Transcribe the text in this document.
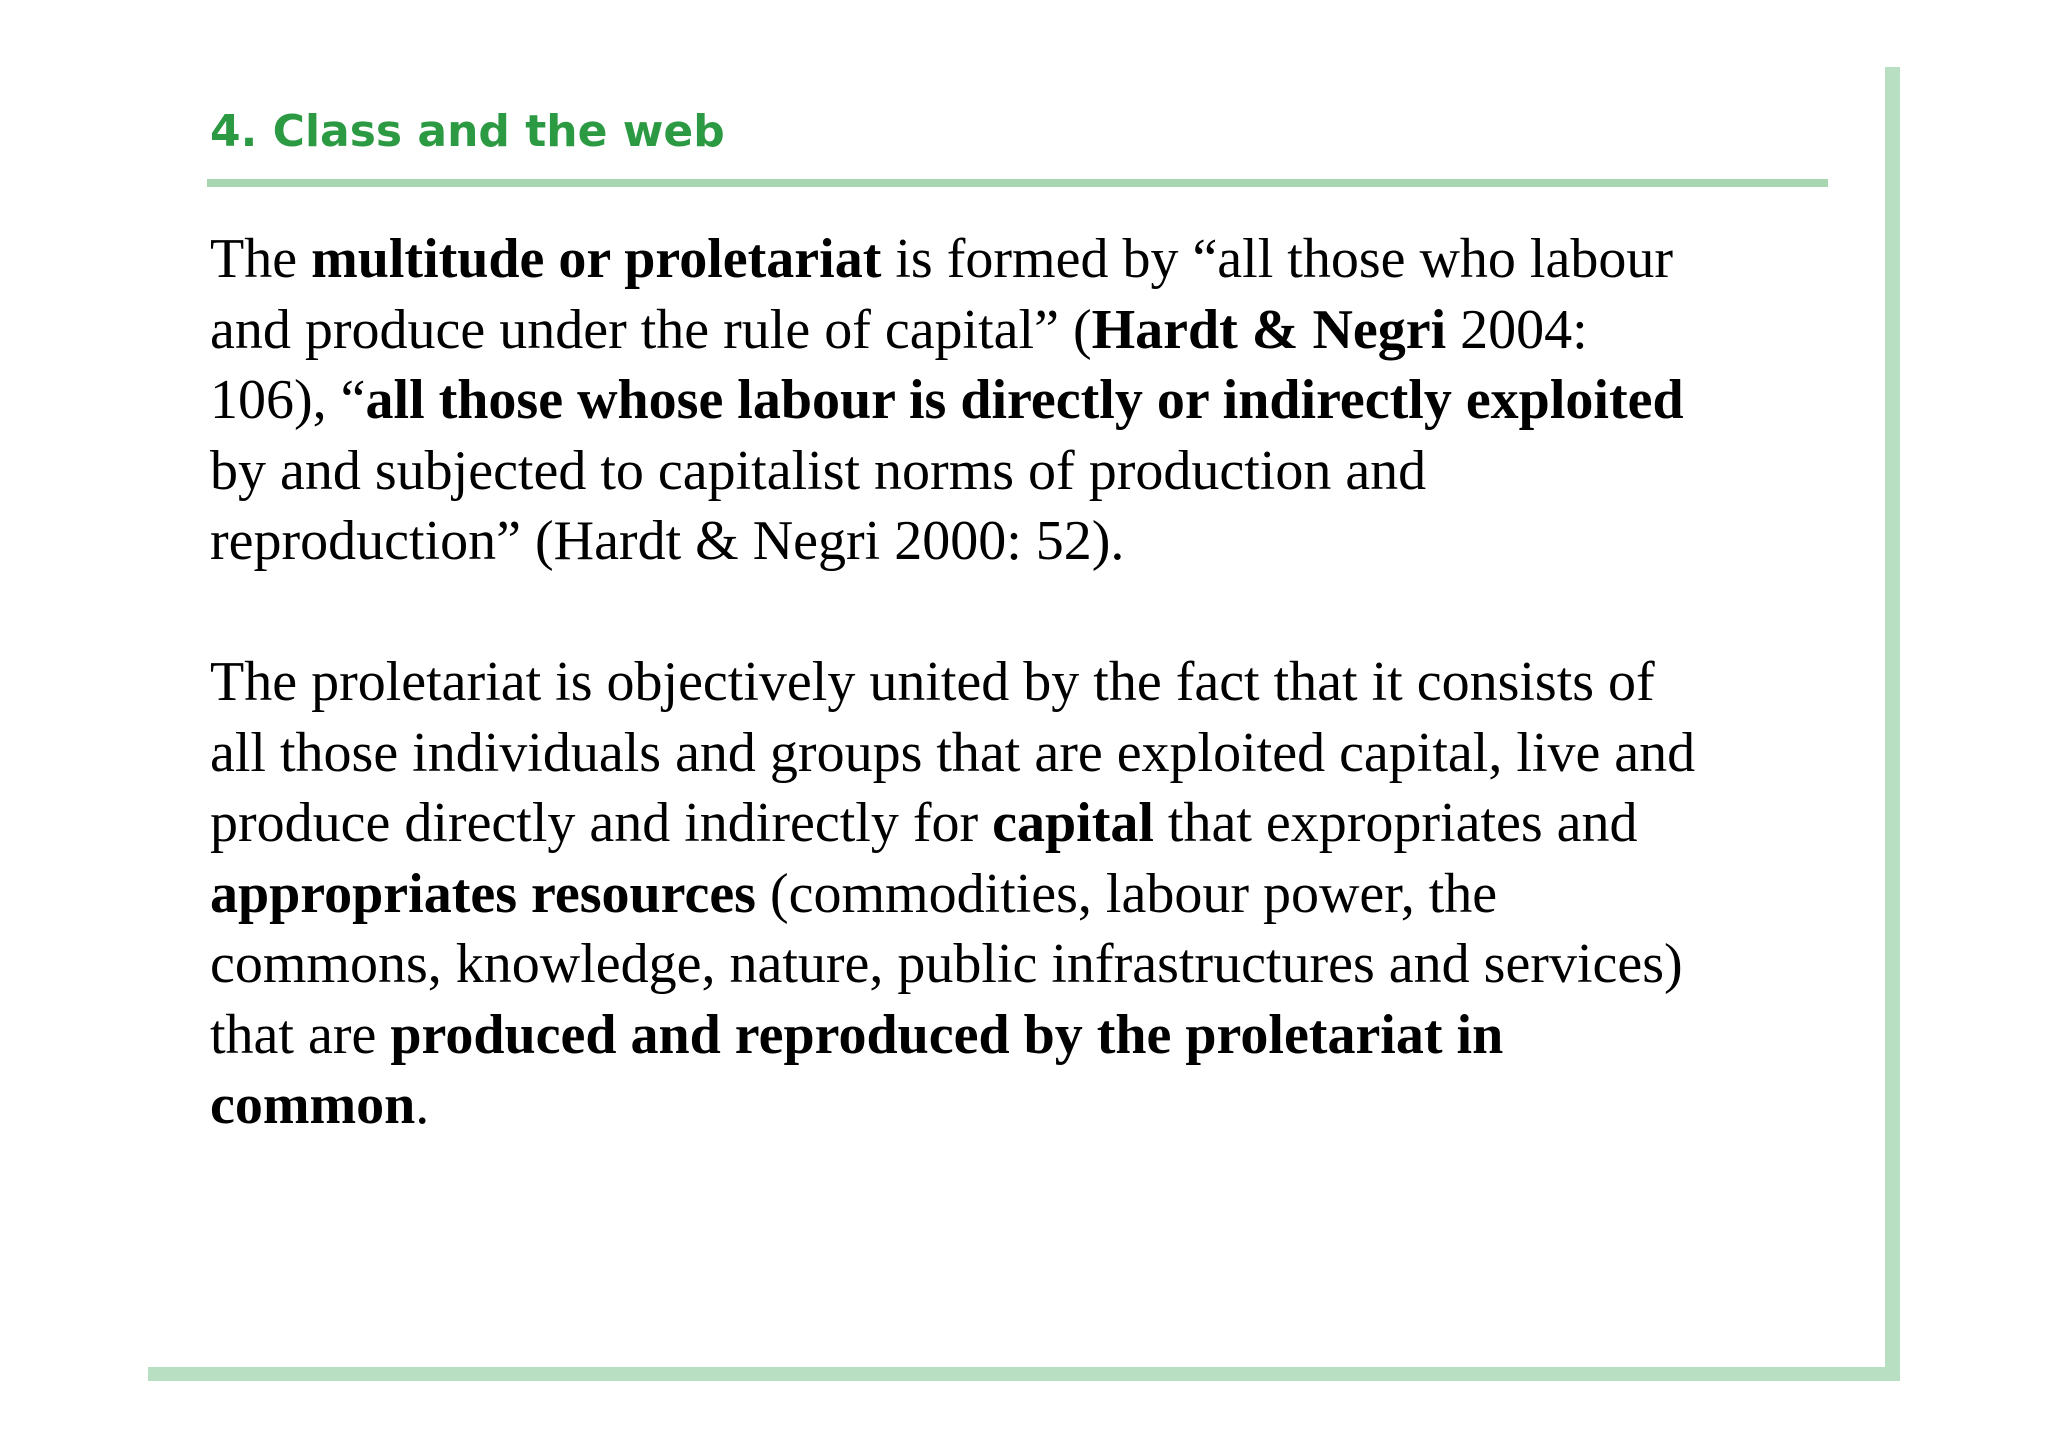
4. Class and the web

The multitude or proletariat is formed by “all those who labour
and produce under the rule of capital” (Hardt & Negri 2004:
106), “all those whose labour is directly or indirectly exploited
by and subjected to capitalist norms of production and
reproduction” (Hardt & Negri 2000: 52).

The proletariat is objectively united by the fact that it consists of
all those individuals and groups that are exploited capital, live and
produce directly and indirectly for capital that expropriates and
appropriates resources (commodities, labour power, the
commons, knowledge, nature, public infrastructures and services)
that are produced and reproduced by the proletariat in
common.
